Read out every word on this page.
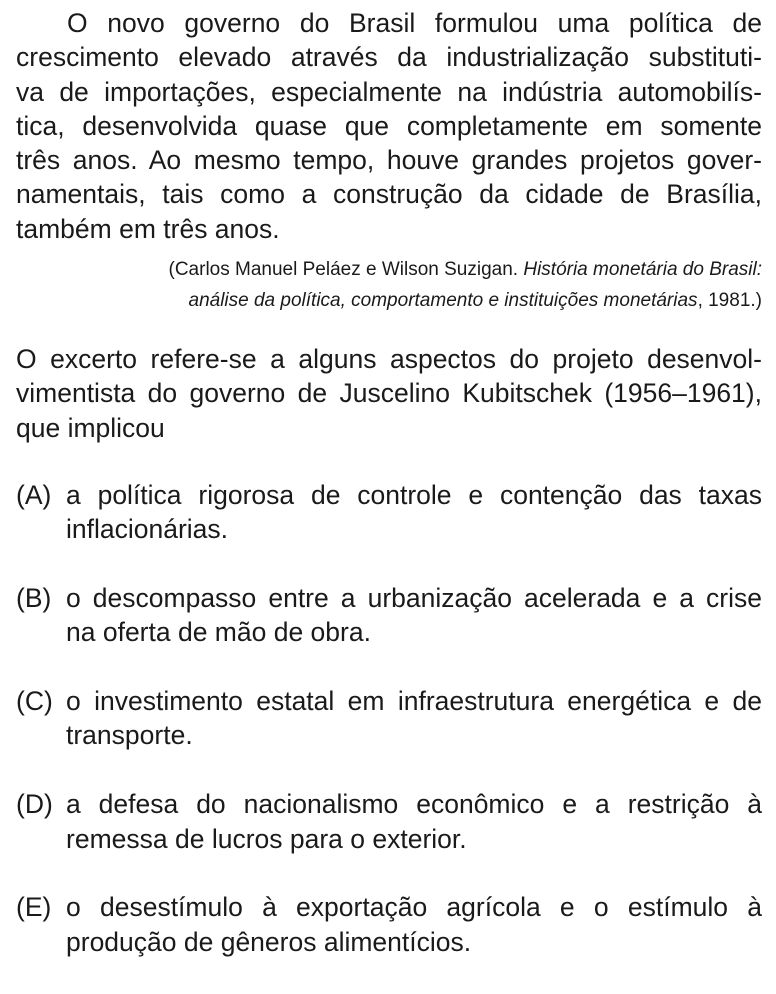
O novo governo do Brasil formulou uma política de
crescimento elevado através da industrialização substituti-
va de importações, especialmente na indústria automobilís-
tica, desenvolvida quase que completamente em somente
três anos. Ao mesmo tempo, houve grandes projetos gover-
namentais, tais como a construção da cidade de Brasília,
também em três anos.
(Carlos Manuel Peláez e Wilson Suzigan. História monetária do Brasil:
análise da política, comportamento e instituições monetárias, 1981.)
O excerto refere-se a alguns aspectos do projeto desenvol-
vimentista do governo de Juscelino Kubitschek (1956–1961),
que implicou
(A) a política rigorosa de controle e contenção das taxas
inflacionárias.
(B) o descompasso entre a urbanização acelerada e a crise
na oferta de mão de obra.
(C) o investimento estatal em infraestrutura energética e de
transporte.
(D) a defesa do nacionalismo econômico e a restrição à
remessa de lucros para o exterior.
(E) o desestímulo à exportação agrícola e o estímulo à
produção de gêneros alimentícios.
